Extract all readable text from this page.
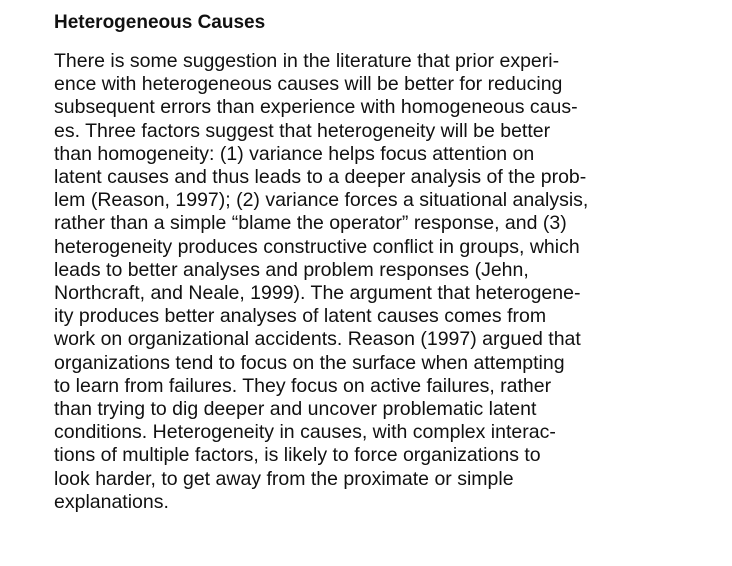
Heterogeneous Causes

There is some suggestion in the literature that prior experi-
ence with heterogeneous causes will be better for reducing
subsequent errors than experience with homogeneous caus-
es. Three factors suggest that heterogeneity will be better
than homogeneity: (1) variance helps focus attention on
latent causes and thus leads to a deeper analysis of the prob-
lem (Reason, 1997); (2) variance forces a situational analysis,
rather than a simple “blame the operator” response, and (3)
heterogeneity produces constructive conflict in groups, which
leads to better analyses and problem responses (Jehn,
Northcraft, and Neale, 1999). The argument that heterogene-
ity produces better analyses of latent causes comes from
work on organizational accidents. Reason (1997) argued that
organizations tend to focus on the surface when attempting
to learn from failures. They focus on active failures, rather
than trying to dig deeper and uncover problematic latent
conditions. Heterogeneity in causes, with complex interac-
tions of multiple factors, is likely to force organizations to
look harder, to get away from the proximate or simple
explanations.
